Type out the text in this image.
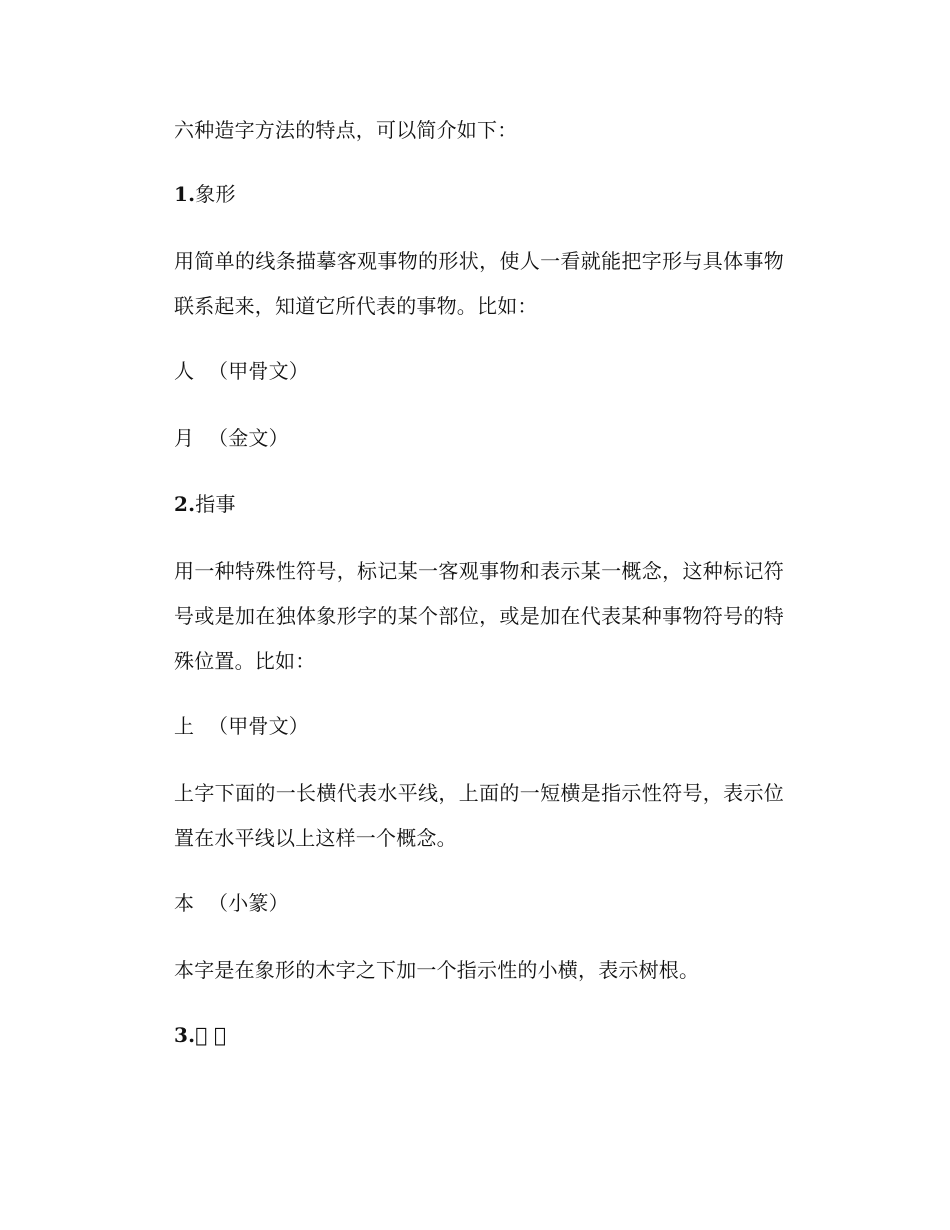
六种造字方法的特点，可以简介如下：
1.象形
用简单的线条描摹客观事物的形状，使人一看就能把字形与具体事物
联系起来，知道它所代表的事物。比如：
人 （甲骨文）
月 （金文）
2.指事
用一种特殊性符号，标记某一客观事物和表示某一概念，这种标记符
号或是加在独体象形字的某个部位，或是加在代表某种事物符号的特
殊位置。比如：
上 （甲骨文）
上字下面的一长横代表水平线，上面的一短横是指示性符号，表示位
置在水平线以上这样一个概念。
本 （小篆）
本字是在象形的木字之下加一个指示性的小横，表示树根。
3.   
